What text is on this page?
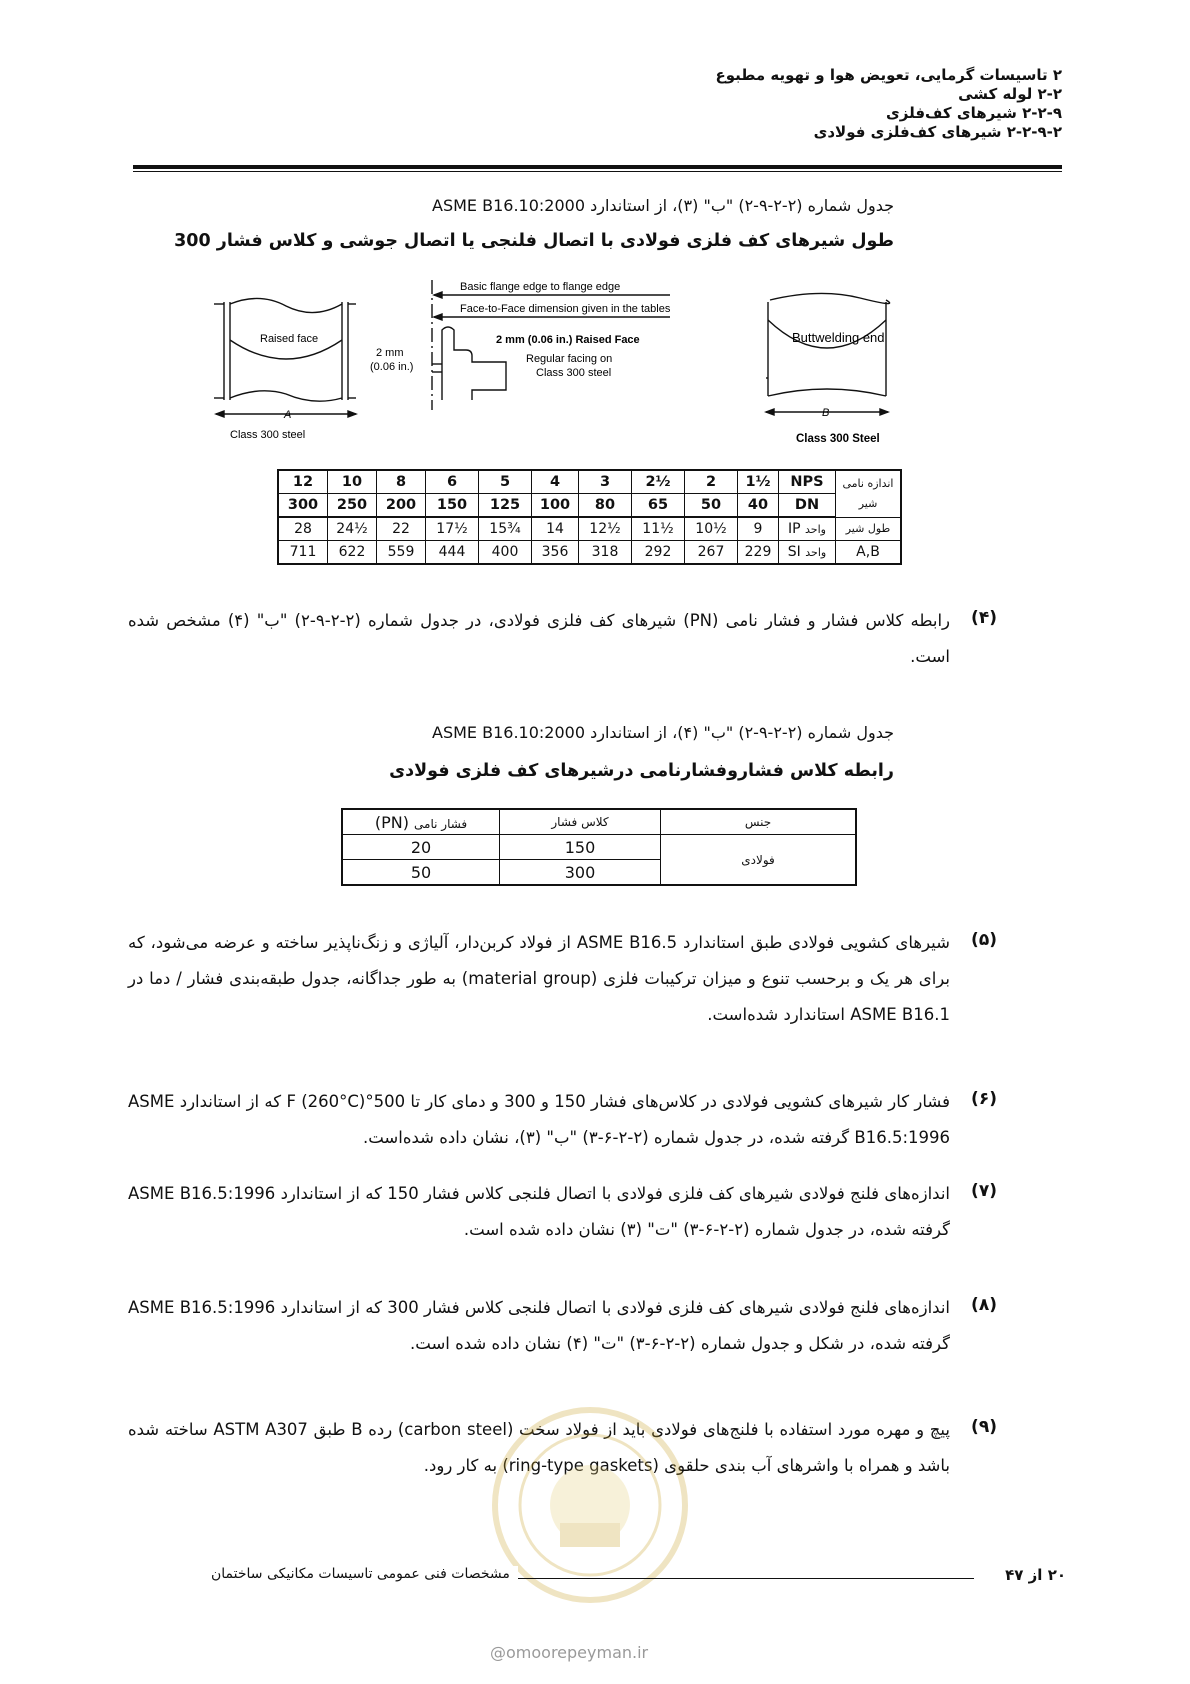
۲ تاسیسات گرمایی، تعویض هوا و تهویه مطبوع
۲-۲ لوله کشی
۲-۲-۹ شیرهای کف‌فلزی
۲-۲-۹-۲ شیرهای کف‌فلزی فولادی
جدول شماره (۲-۲-۹-۲) "ب" (۳)، از استاندارد ASME B16.10:2000
طول شیرهای کف فلزی فولادی با اتصال فلنجی یا اتصال جوشی و کلاس فشار 300
Raised face
A
Class 300 steel
2 mm
(0.06 in.)
Basic flange edge to flange edge
Face-to-Face dimension given in the tables
2 mm (0.06 in.) Raised Face
Regular facing on
Class 300 steel
Buttwelding end
B
Class 300 Steel
12	10	8	6	5	4	3	2½	2	1½	NPS	اندازه نامی شیر
300	250	200	150	125	100	80	65	50	40	DN	
28	24½	22	17½	15¾	14	12½	11½	10½	9	واحد IP	طول شیر
711	622	559	444	400	356	318	292	267	229	واحد SI	A,B
(۴)
رابطه کلاس فشار و فشار نامی (PN) شیرهای کف فلزی فولادی، در جدول شماره (۲-۲-۹-۲) "ب" (۴) مشخص شده است.
جدول شماره (۲-۲-۹-۲) "ب" (۴)، از استاندارد ASME B16.10:2000
رابطه کلاس فشاروفشارنامی درشیرهای کف فلزی فولادی
جنس	کلاس فشار	فشار نامی (PN)
فولادی	150	20
	300	50
(۵)
شیرهای کشویی فولادی طبق استاندارد ASME B16.5 از فولاد کربن‌دار، آلیاژی و زنگ‌ناپذیر ساخته و عرضه می‌شود، که برای هر یک و برحسب تنوع و میزان ترکیبات فلزی (material group) به طور جداگانه، جدول طبقه‌بندی فشار / دما در ASME B16.1 استاندارد شده‌است.
(۶)
فشار کار شیرهای کشویی فولادی در کلاس‌های فشار 150 و 300 و دمای کار تا 500°F (260°C) که از استاندارد ASME B16.5:1996 گرفته شده، در جدول شماره (۲-۲-۶-۳) "ب" (۳)، نشان داده شده‌است.
(۷)
اندازه‌های فلنج فولادی شیرهای کف فلزی فولادی با اتصال فلنجی کلاس فشار 150 که از استاندارد ASME B16.5:1996 گرفته شده، در جدول شماره (۲-۲-۶-۳) "ت" (۳) نشان داده شده است.
(۸)
اندازه‌های فلنج فولادی شیرهای کف فلزی فولادی با اتصال فلنجی کلاس فشار 300 که از استاندارد ASME B16.5:1996 گرفته شده، در شکل و جدول شماره (۲-۲-۶-۳) "ت" (۴) نشان داده شده است.
(۹)
پیچ و مهره مورد استفاده با فلنج‌های فولادی باید از فولاد سخت (carbon steel) رده B طبق ASTM A307 ساخته شده باشد و همراه با واشرهای آب بندی حلقوی (ring-type gaskets) به کار رود.
مشخصات فنی عمومی تاسیسات مکانیکی ساختمان	۲۰ از ۴۷
@omoorepeyman.ir
